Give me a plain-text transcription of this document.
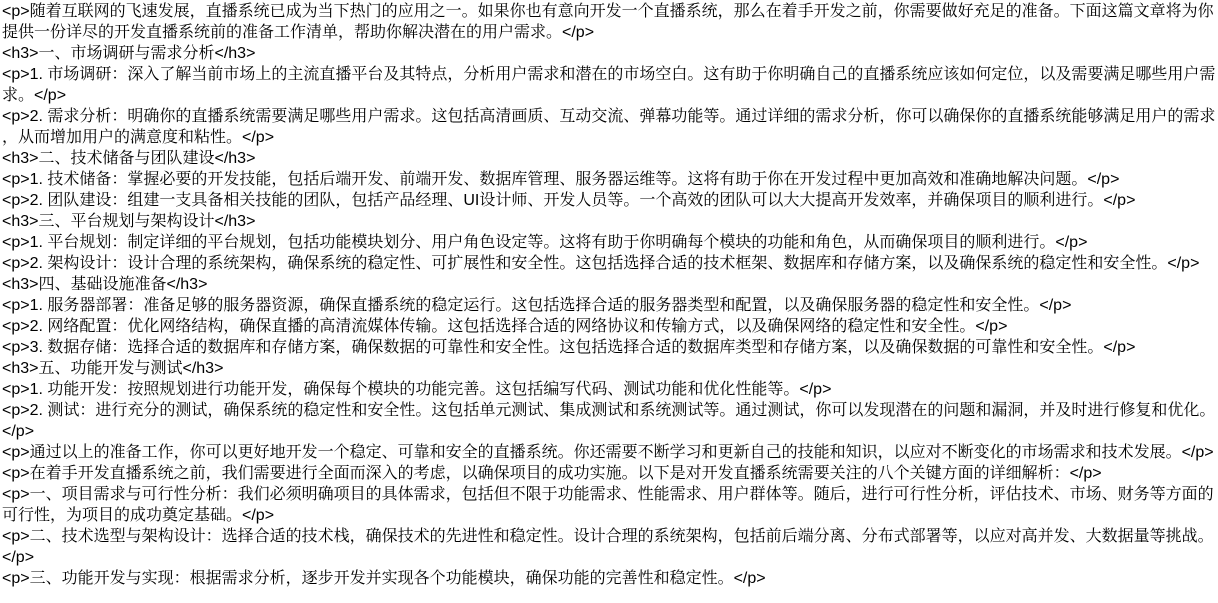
<p>随着互联网的飞速发展，直播系统已成为当下热门的应用之一。如果你也有意向开发一个直播系统，那么在着手开发之前，你需要做好充足的准备。下面这篇文章将为你提供一份详尽的开发直播系统前的准备工作清单，帮助你解决潜在的用户需求。</p>
<h3>一、市场调研与需求分析</h3>
<p>1. 市场调研：深入了解当前市场上的主流直播平台及其特点，分析用户需求和潜在的市场空白。这有助于你明确自己的直播系统应该如何定位，以及需要满足哪些用户需求。</p>
<p>2. 需求分析：明确你的直播系统需要满足哪些用户需求。这包括高清画质、互动交流、弹幕功能等。通过详细的需求分析，你可以确保你的直播系统能够满足用户的需求，从而增加用户的满意度和粘性。</p>
<h3>二、技术储备与团队建设</h3>
<p>1. 技术储备：掌握必要的开发技能，包括后端开发、前端开发、数据库管理、服务器运维等。这将有助于你在开发过程中更加高效和准确地解决问题。</p>
<p>2. 团队建设：组建一支具备相关技能的团队，包括产品经理、UI设计师、开发人员等。一个高效的团队可以大大提高开发效率，并确保项目的顺利进行。</p>
<h3>三、平台规划与架构设计</h3>
<p>1. 平台规划：制定详细的平台规划，包括功能模块划分、用户角色设定等。这将有助于你明确每个模块的功能和角色，从而确保项目的顺利进行。</p>
<p>2. 架构设计：设计合理的系统架构，确保系统的稳定性、可扩展性和安全性。这包括选择合适的技术框架、数据库和存储方案，以及确保系统的稳定性和安全性。</p>
<h3>四、基础设施准备</h3>
<p>1. 服务器部署：准备足够的服务器资源，确保直播系统的稳定运行。这包括选择合适的服务器类型和配置，以及确保服务器的稳定性和安全性。</p>
<p>2. 网络配置：优化网络结构，确保直播的高清流媒体传输。这包括选择合适的网络协议和传输方式，以及确保网络的稳定性和安全性。</p>
<p>3. 数据存储：选择合适的数据库和存储方案，确保数据的可靠性和安全性。这包括选择合适的数据库类型和存储方案，以及确保数据的可靠性和安全性。</p>
<h3>五、功能开发与测试</h3>
<p>1. 功能开发：按照规划进行功能开发，确保每个模块的功能完善。这包括编写代码、测试功能和优化性能等。</p>
<p>2. 测试：进行充分的测试，确保系统的稳定性和安全性。这包括单元测试、集成测试和系统测试等。通过测试，你可以发现潜在的问题和漏洞，并及时进行修复和优化。</p>
<p>通过以上的准备工作，你可以更好地开发一个稳定、可靠和安全的直播系统。你还需要不断学习和更新自己的技能和知识，以应对不断变化的市场需求和技术发展。</p>
<p>在着手开发直播系统之前，我们需要进行全面而深入的考虑，以确保项目的成功实施。以下是对开发直播系统需要关注的八个关键方面的详细解析：</p>
<p>一、项目需求与可行性分析：我们必须明确项目的具体需求，包括但不限于功能需求、性能需求、用户群体等。随后，进行可行性分析，评估技术、市场、财务等方面的可行性，为项目的成功奠定基础。</p>
<p>二、技术选型与架构设计：选择合适的技术栈，确保技术的先进性和稳定性。设计合理的系统架构，包括前后端分离、分布式部署等，以应对高并发、大数据量等挑战。</p>
<p>三、功能开发与实现：根据需求分析，逐步开发并实现各个功能模块，确保功能的完善性和稳定性。</p>
